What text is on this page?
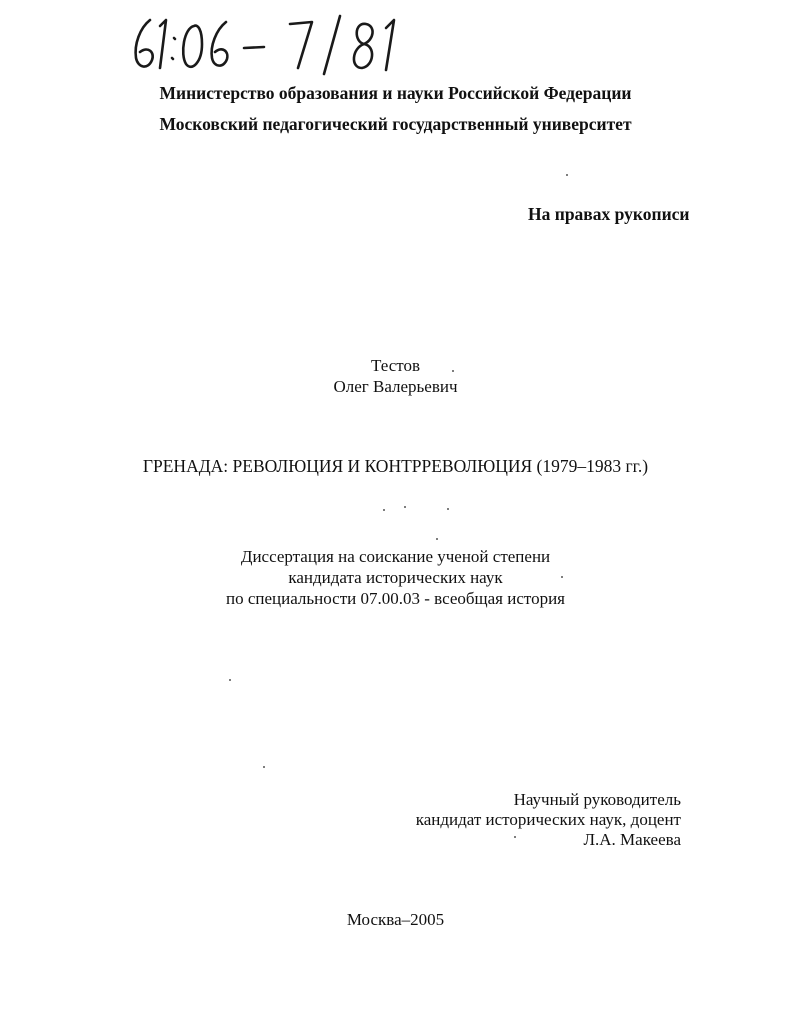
Министерство образования и науки Российской Федерации
Московский педагогический государственный университет
На правах рукописи
Тестов
Олег Валерьевич
ГРЕНАДА: РЕВОЛЮЦИЯ И КОНТРРЕВОЛЮЦИЯ (1979–1983 гг.)
Диссертация на соискание ученой степени
кандидата исторических наук
по специальности 07.00.03 - всеобщая история
Научный руководитель
кандидат исторических наук, доцент
Л.А. Макеева
Москва–2005
